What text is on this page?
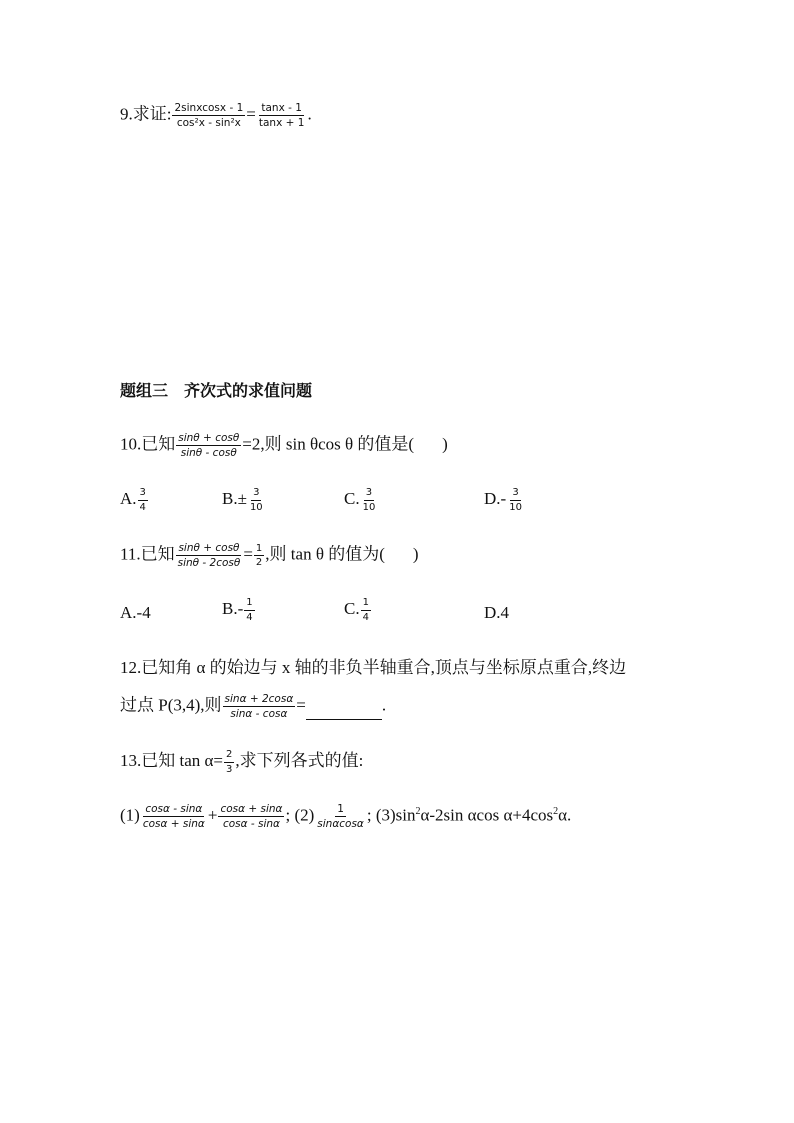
9.求证: $\frac{\text{2sinxcosx - 1}}{\text{cos²x - sin²x}} = \frac{\tan x - 1}{\tan x + 1}$ .
题组三　齐次式的求值问题
10.已知 $\frac{\sin\theta + \cos\theta}{\sin\theta - \cos\theta} =2$,则 sin θcos θ 的值是( )
A. $\frac{3}{4}$	$B.\pm \frac{3}{10}$	C. $\frac{3}{10}$	$D.- \frac{3}{10}$
11.已知 $\frac{\sin\theta + \cos\theta}{\sin\theta - 2\cos\theta} = \frac{1}{2}$ ,则 tan θ 的值为( )
A.-4	$B.- \frac{1}{4}$	C. $\frac{1}{4}$	D.4
12.已知角 α 的始边与 x 轴的非负半轴重合,顶点与坐标原点重合,终边
过点 P(3,4),则 $\frac{\sin\alpha + 2\cos\alpha}{\sin\alpha - \cos\alpha}$ =	.
13.已知 $\tan \alpha= \frac{2}{3}$ ,求下列各式的值:
$(1) \frac{\cos\alpha - \sin\alpha}{\cos\alpha + \sin\alpha} + \frac{\cos\alpha + \sin\alpha}{\cos\alpha - \sin\alpha}$ ; $(2) \frac{1}{\sin\alpha\cos\alpha}$ ; $(3)\sin^2\alpha-2\sin$ αcos $\alpha+4\cos^2\alpha$.
